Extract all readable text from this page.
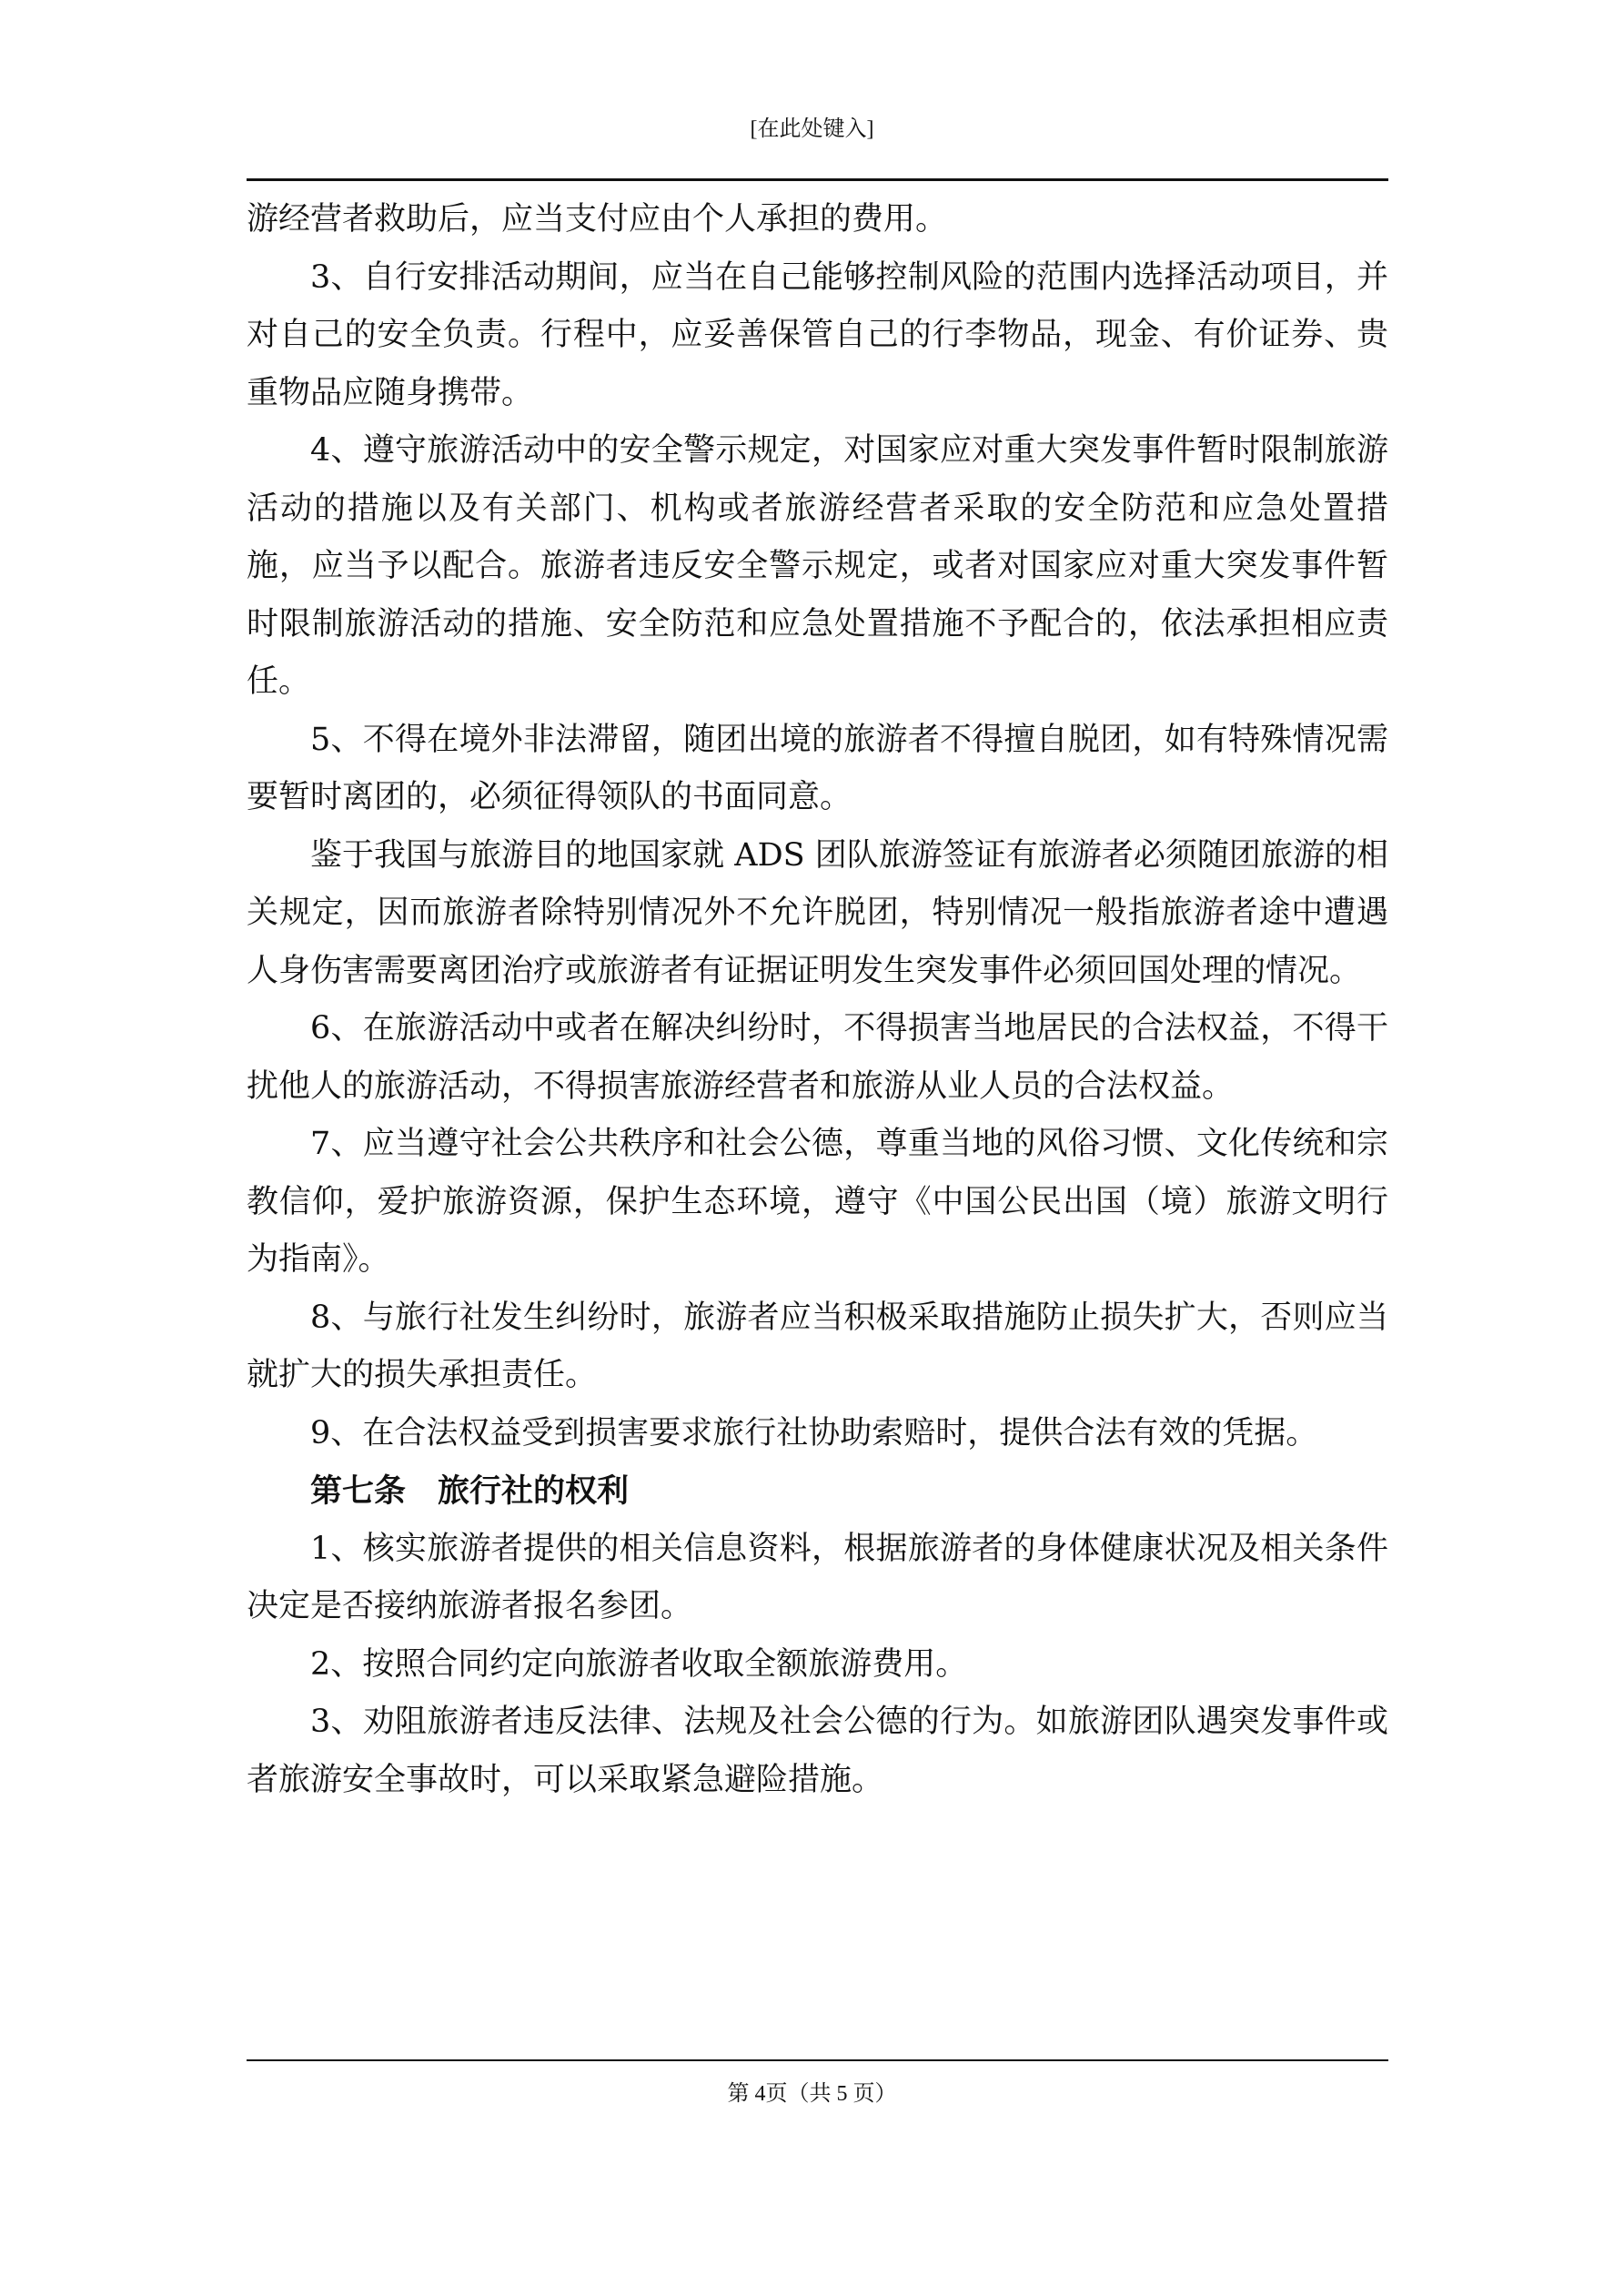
[在此处键入]

游经营者救助后，应当支付应由个人承担的费用。

3、自行安排活动期间，应当在自己能够控制风险的范围内选择活动项目，并对自己的安全负责。行程中，应妥善保管自己的行李物品，现金、有价证券、贵重物品应随身携带。

4、遵守旅游活动中的安全警示规定，对国家应对重大突发事件暂时限制旅游活动的措施以及有关部门、机构或者旅游经营者采取的安全防范和应急处置措施，应当予以配合。旅游者违反安全警示规定，或者对国家应对重大突发事件暂时限制旅游活动的措施、安全防范和应急处置措施不予配合的，依法承担相应责任。

5、不得在境外非法滞留，随团出境的旅游者不得擅自脱团，如有特殊情况需要暂时离团的，必须征得领队的书面同意。

鉴于我国与旅游目的地国家就 ADS 团队旅游签证有旅游者必须随团旅游的相关规定，因而旅游者除特别情况外不允许脱团，特别情况一般指旅游者途中遭遇人身伤害需要离团治疗或旅游者有证据证明发生突发事件必须回国处理的情况。

6、在旅游活动中或者在解决纠纷时，不得损害当地居民的合法权益，不得干扰他人的旅游活动，不得损害旅游经营者和旅游从业人员的合法权益。

7、应当遵守社会公共秩序和社会公德，尊重当地的风俗习惯、文化传统和宗教信仰，爱护旅游资源，保护生态环境，遵守《中国公民出国（境）旅游文明行为指南》。

8、与旅行社发生纠纷时，旅游者应当积极采取措施防止损失扩大，否则应当就扩大的损失承担责任。

9、在合法权益受到损害要求旅行社协助索赔时，提供合法有效的凭据。

第七条　旅行社的权利

1、核实旅游者提供的相关信息资料，根据旅游者的身体健康状况及相关条件决定是否接纳旅游者报名参团。

2、按照合同约定向旅游者收取全额旅游费用。

3、劝阻旅游者违反法律、法规及社会公德的行为。如旅游团队遇突发事件或者旅游安全事故时，可以采取紧急避险措施。

第 4页（共 5 页）
